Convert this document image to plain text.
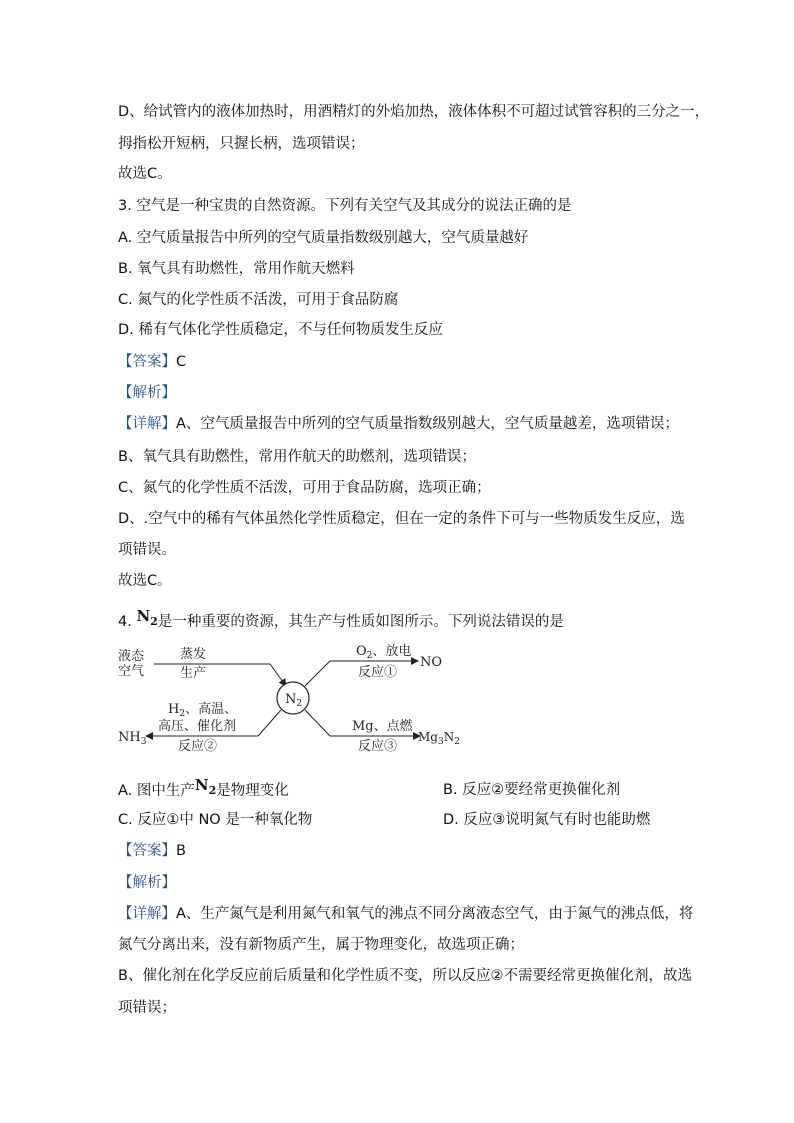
D、给试管内的液体加热时，用酒精灯的外焰加热，液体体积不可超过试管容积的三分之一，
拇指松开短柄，只握长柄，选项错误；
故选C。
3. 空气是一种宝贵的自然资源。下列有关空气及其成分的说法正确的是
A. 空气质量报告中所列的空气质量指数级别越大，空气质量越好
B. 氧气具有助燃性，常用作航天燃料
C. 氮气的化学性质不活泼，可用于食品防腐
D. 稀有气体化学性质稳定，不与任何物质发生反应
【答案】C
【解析】
【详解】A、空气质量报告中所列的空气质量指数级别越大，空气质量越差，选项错误；
B、氧气具有助燃性，常用作航天的助燃剂，选项错误；
C、氮气的化学性质不活泼，可用于食品防腐，选项正确；
D、.空气中的稀有气体虽然化学性质稳定，但在一定的条件下可与一些物质发生反应，选
项错误。
故选C。
4. $N_2$是一种重要的资源，其生产与性质如图所示。下列说法错误的是
液态
空气
蒸发
生产
$N_2$
$O_2$、放电
反应①
NO
$H_2$、高温、
高压、催化剂
反应②
$NH_3$
Mg、点燃
反应③
$Mg_3N_2$
A. 图中生产$N_2$是物理变化	B. 反应②要经常更换催化剂
C. 反应①中 NO 是一种氧化物	D. 反应③说明氮气有时也能助燃
【答案】B
【解析】
【详解】A、生产氮气是利用氮气和氧气的沸点不同分离液态空气，由于氮气的沸点低，将
氮气分离出来，没有新物质产生，属于物理变化，故选项正确；
B、催化剂在化学反应前后质量和化学性质不变，所以反应②不需要经常更换催化剂，故选
项错误；
